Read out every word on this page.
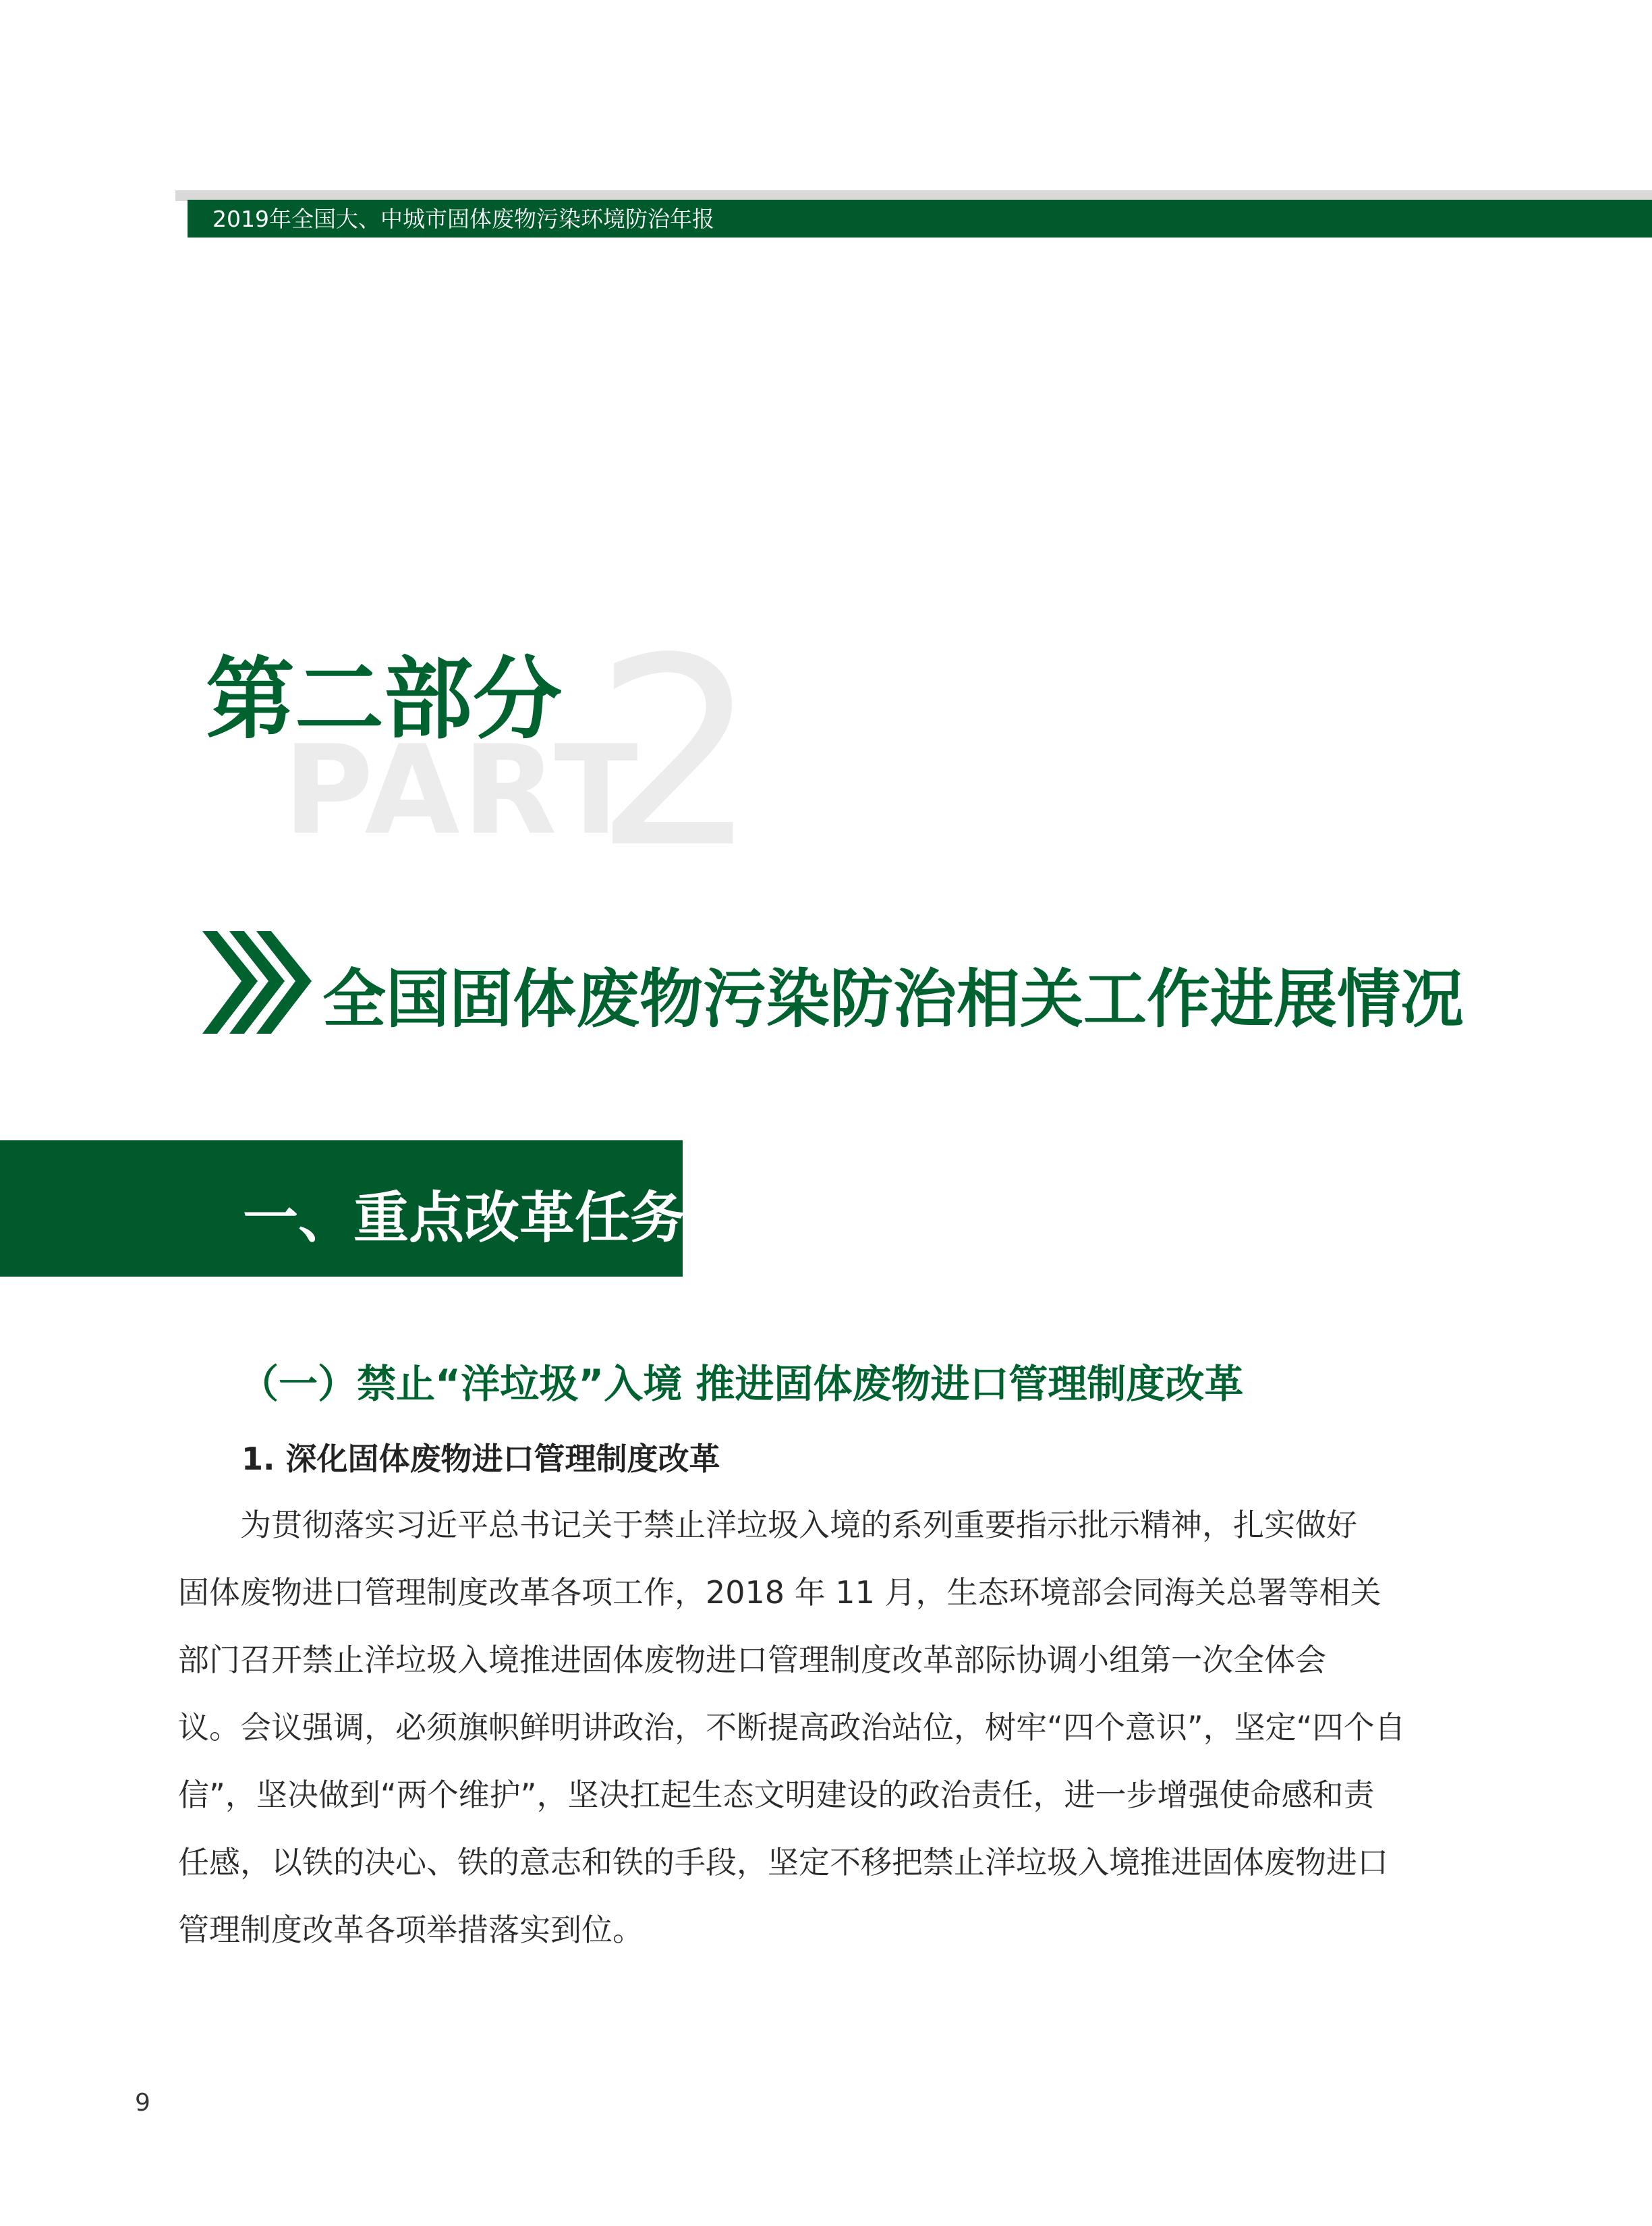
2019年全国大、中城市固体废物污染环境防治年报
2
PART
第二部分
全国固体废物污染防治相关工作进展情况
一、重点改革任务
（一）禁止“洋垃圾”入境 推进固体废物进口管理制度改革
1. 深化固体废物进口管理制度改革
为贯彻落实习近平总书记关于禁止洋垃圾入境的系列重要指示批示精神，扎实做好
固体废物进口管理制度改革各项工作，2018 年 11 月，生态环境部会同海关总署等相关
部门召开禁止洋垃圾入境推进固体废物进口管理制度改革部际协调小组第一次全体会
议。会议强调，必须旗帜鲜明讲政治，不断提高政治站位，树牢“四个意识”，坚定“四个自
信”，坚决做到“两个维护”，坚决扛起生态文明建设的政治责任，进一步增强使命感和责
任感，以铁的决心、铁的意志和铁的手段，坚定不移把禁止洋垃圾入境推进固体废物进口
管理制度改革各项举措落实到位。
9
